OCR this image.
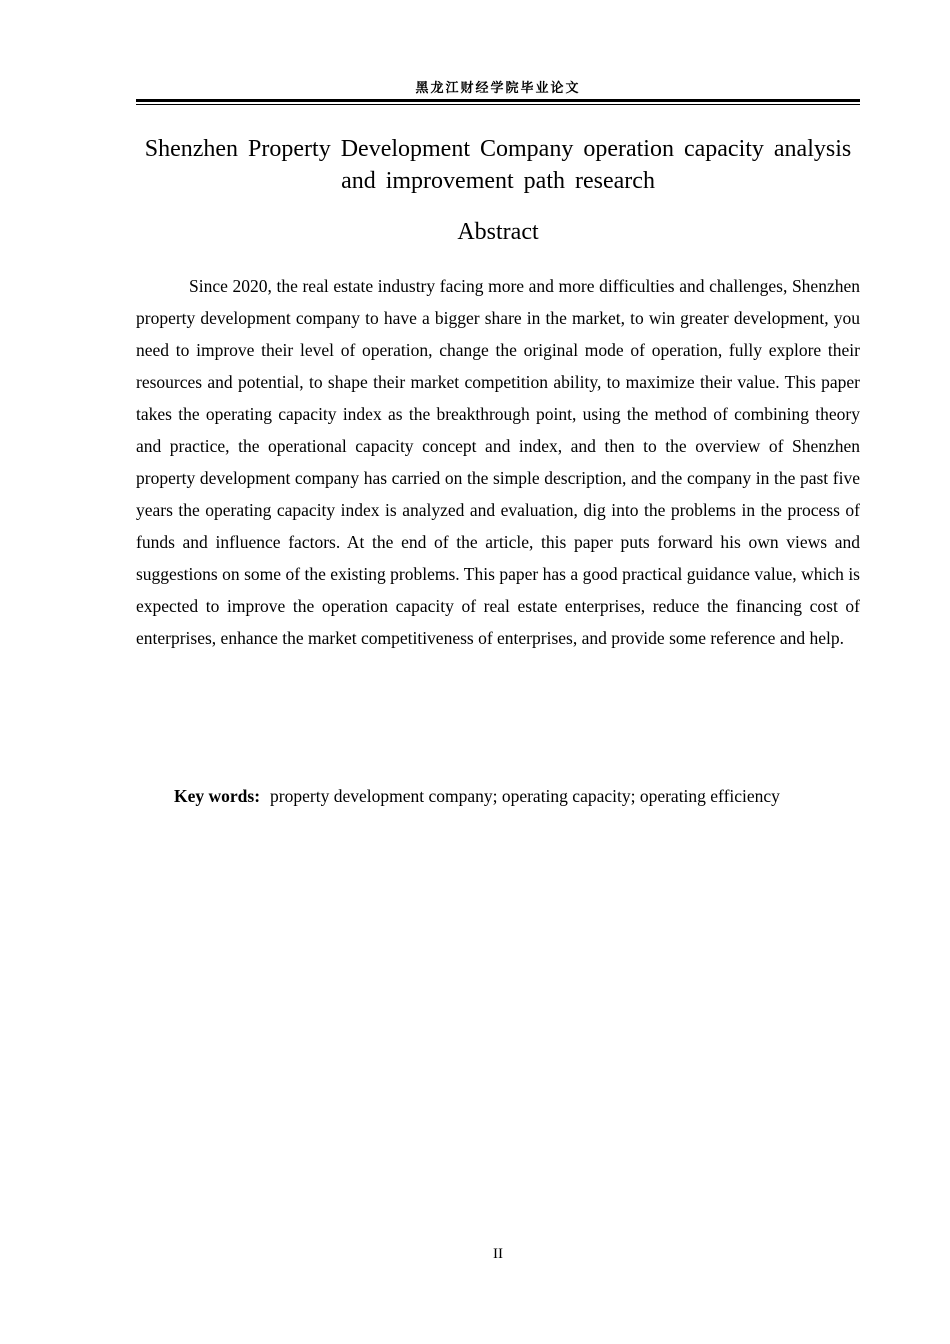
黑龙江财经学院毕业论文
Shenzhen Property Development Company operation capacity analysis and improvement path research
Abstract

Since 2020, the real estate industry facing more and more difficulties and challenges, Shenzhen property development company to have a bigger share in the market, to win greater development, you need to improve their level of operation, change the original mode of operation, fully explore their resources and potential, to shape their market competition ability, to maximize their value. This paper takes the operating capacity index as the breakthrough point, using the method of combining theory and practice, the operational capacity concept and index, and then to the overview of Shenzhen property development company has carried on the simple description, and the company in the past five years the operating capacity index is analyzed and evaluation, dig into the problems in the process of funds and influence factors. At the end of the article, this paper puts forward his own views and suggestions on some of the existing problems. This paper has a good practical guidance value, which is expected to improve the operation capacity of real estate enterprises, reduce the financing cost of enterprises, enhance the market competitiveness of enterprises, and provide some reference and help.

Key words: property development company; operating capacity; operating efficiency

II
